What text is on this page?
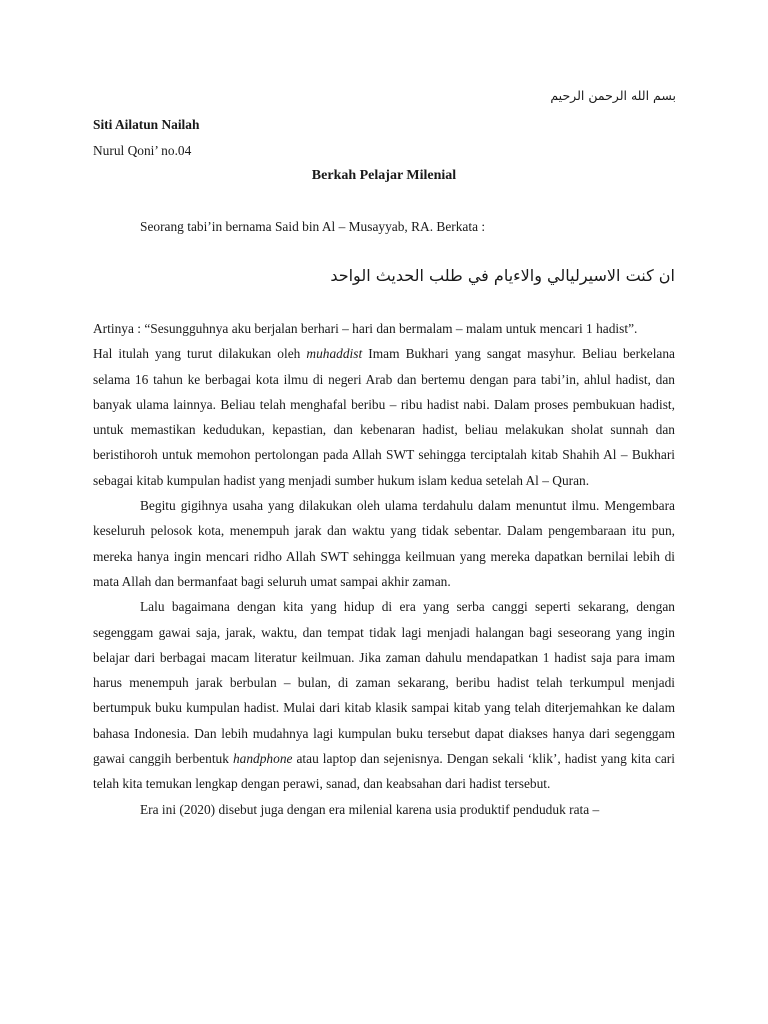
بسم الله الرحمن الرحيم
Siti Ailatun Nailah
Nurul Qoni’ no.04
Berkah Pelajar Milenial
Seorang tabi’in bernama Said bin Al – Musayyab, RA. Berkata :
ان كنت الاسيرليالي والاءيام في طلب الحديث الواحد

Artinya : “Sesungguhnya aku berjalan berhari – hari dan bermalam – malam untuk mencari 1 hadist”.

Hal itulah yang turut dilakukan oleh muhaddist Imam Bukhari yang sangat masyhur. Beliau berkelana selama 16 tahun ke berbagai kota ilmu di negeri Arab dan bertemu dengan para tabi’in, ahlul hadist, dan banyak ulama lainnya. Beliau telah menghafal beribu – ribu hadist nabi. Dalam proses pembukuan hadist, untuk memastikan kedudukan, kepastian, dan kebenaran hadist, beliau melakukan sholat sunnah dan beristihoroh untuk memohon pertolongan pada Allah SWT sehingga terciptalah kitab Shahih Al – Bukhari sebagai kitab kumpulan hadist yang menjadi sumber hukum islam kedua setelah Al – Quran.

Begitu gigihnya usaha yang dilakukan oleh ulama terdahulu dalam menuntut ilmu. Mengembara keseluruh pelosok kota, menempuh jarak dan waktu yang tidak sebentar. Dalam pengembaraan itu pun, mereka hanya ingin mencari ridho Allah SWT sehingga keilmuan yang mereka dapatkan bernilai lebih di mata Allah dan bermanfaat bagi seluruh umat sampai akhir zaman.

Lalu bagaimana dengan kita yang hidup di era yang serba canggi seperti sekarang, dengan segenggam gawai saja, jarak, waktu, dan tempat tidak lagi menjadi halangan bagi seseorang yang ingin belajar dari berbagai macam literatur keilmuan. Jika zaman dahulu mendapatkan 1 hadist saja para imam harus menempuh jarak berbulan – bulan, di zaman sekarang, beribu hadist telah terkumpul menjadi bertumpuk buku kumpulan hadist. Mulai dari kitab klasik sampai kitab yang telah diterjemahkan ke dalam bahasa Indonesia. Dan lebih mudahnya lagi kumpulan buku tersebut dapat diakses hanya dari segenggam gawai canggih berbentuk handphone atau laptop dan sejenisnya. Dengan sekali ‘klik’, hadist yang kita cari telah kita temukan lengkap dengan perawi, sanad, dan keabsahan dari hadist tersebut.

Era ini (2020) disebut juga dengan era milenial karena usia produktif penduduk rata –
